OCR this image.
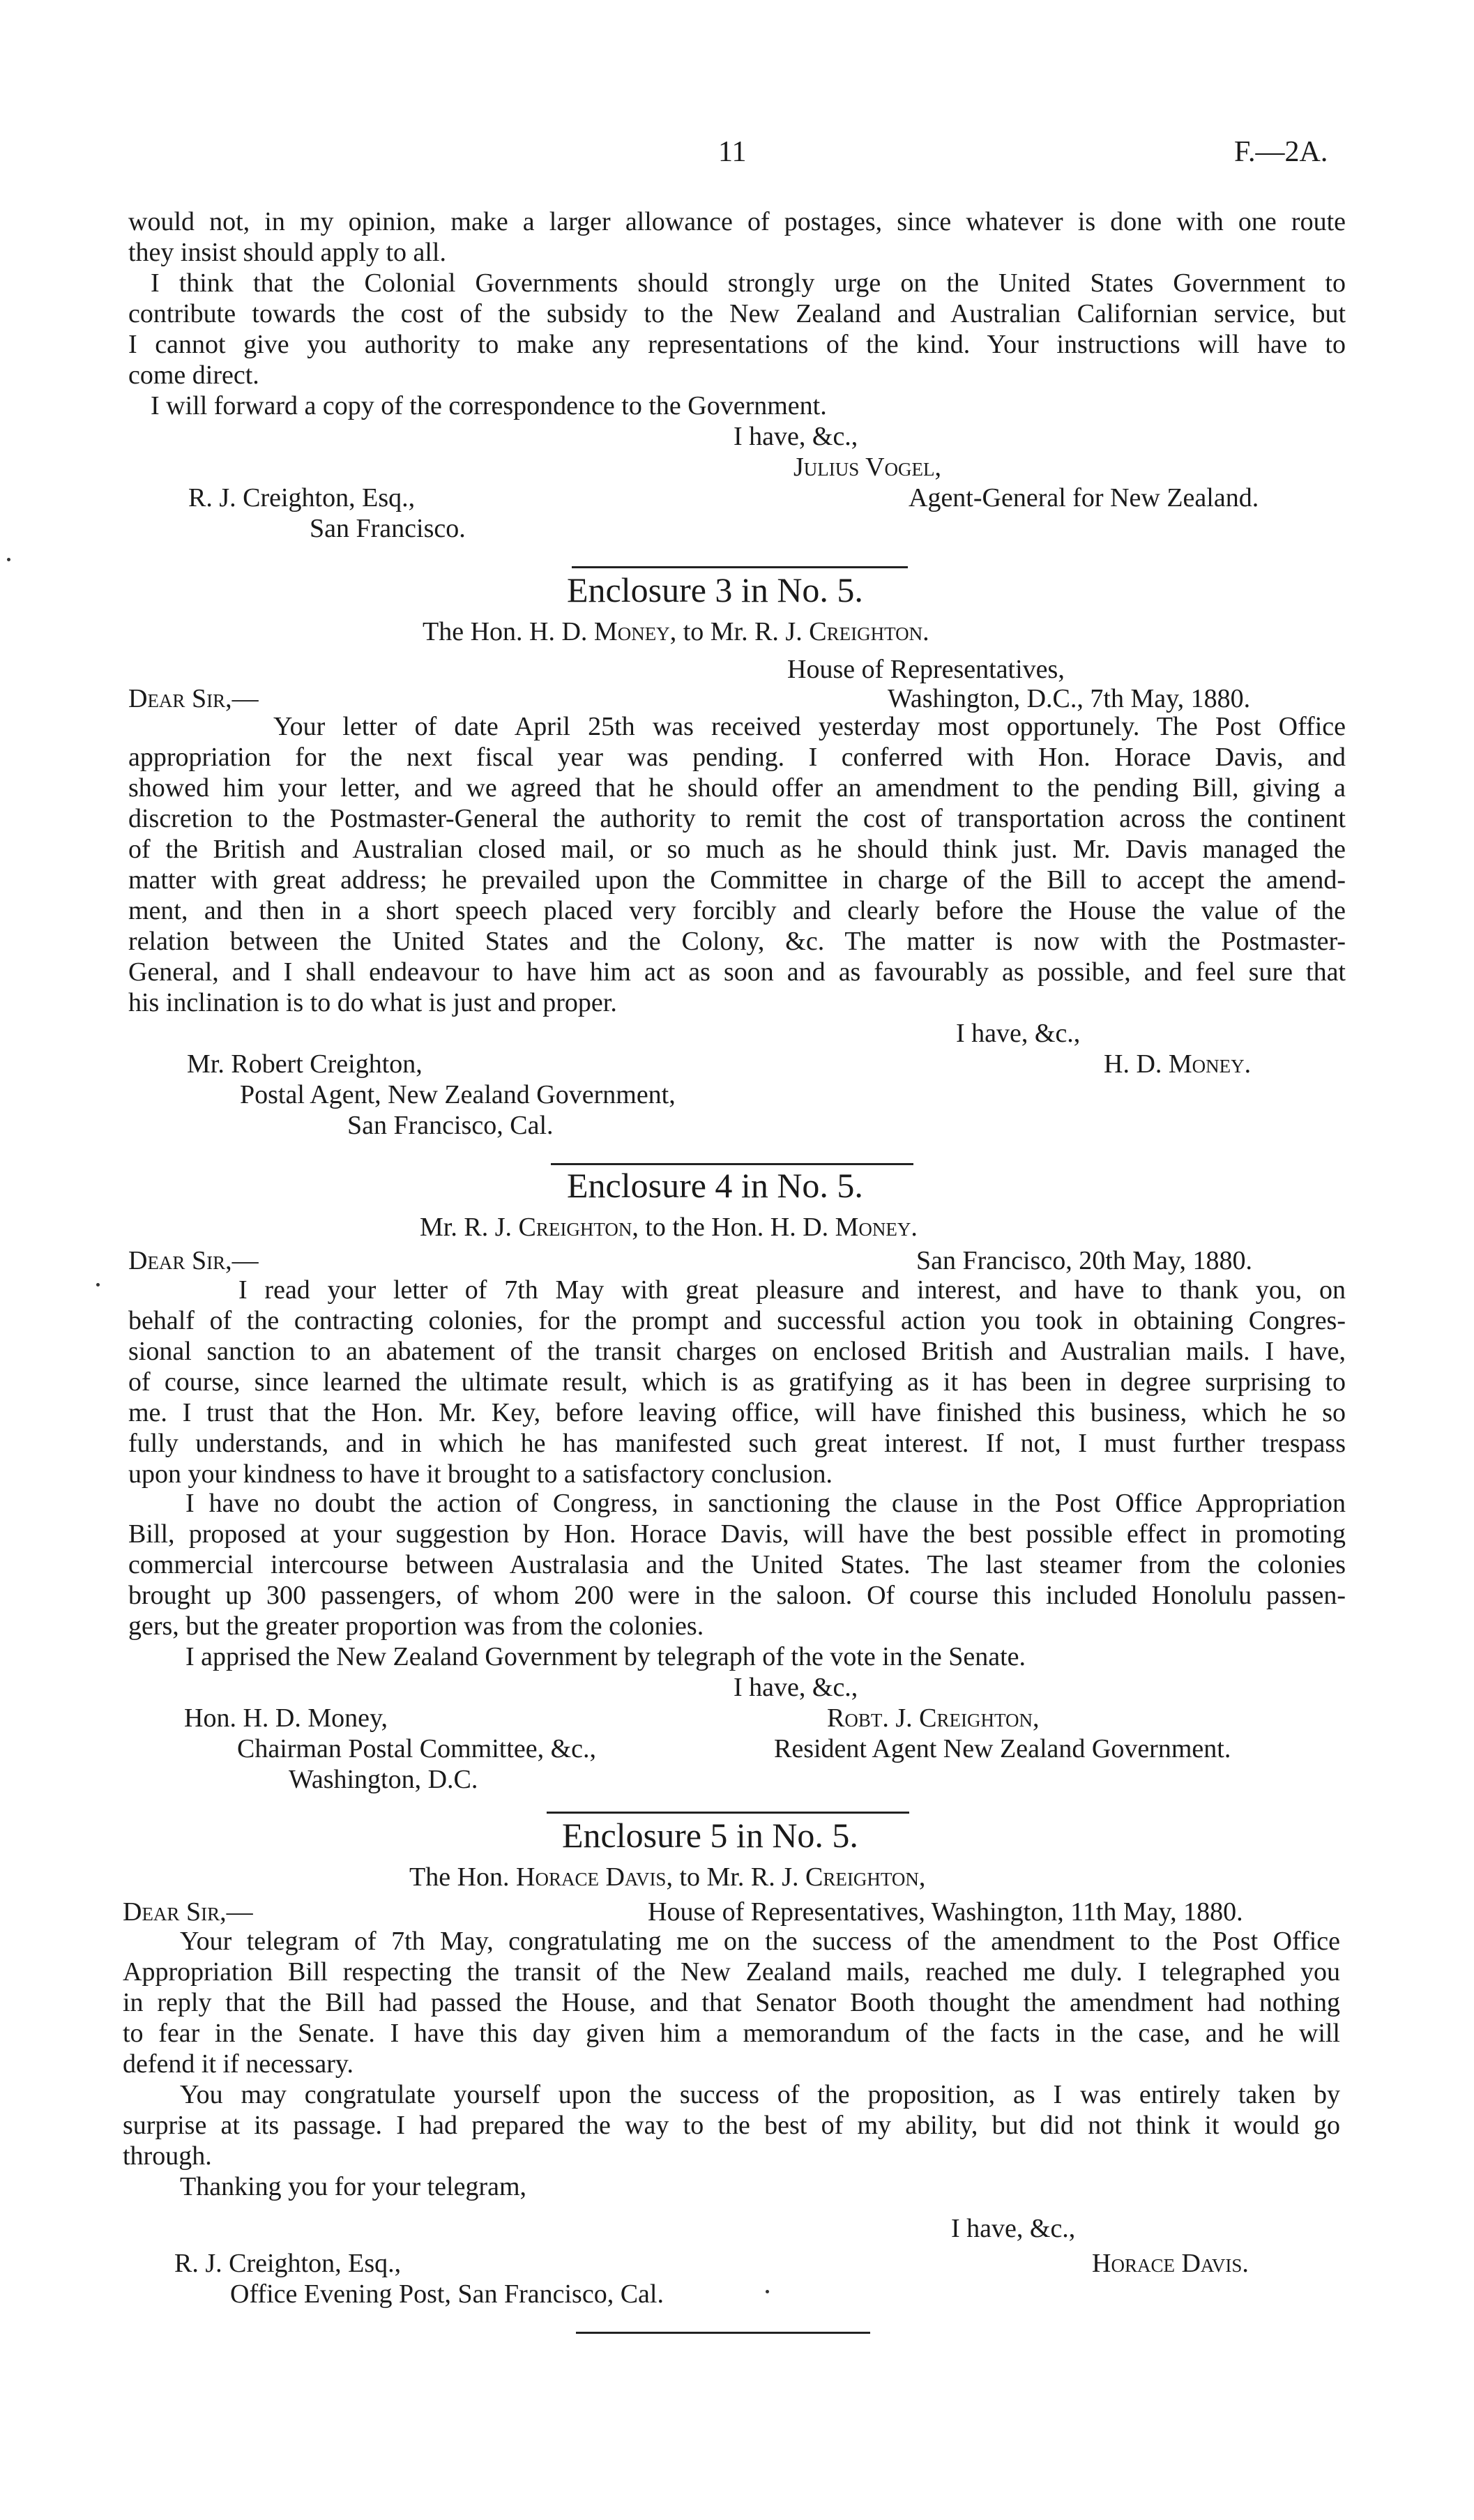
11	F.—2A.
would not, in my opinion, make a larger allowance of postages, since whatever is done with one route
they insist should apply to all.
I think that the Colonial Governments should strongly urge on the United States Government to
contribute towards the cost of the subsidy to the New Zealand and Australian Californian service, but
I cannot give you authority to make any representations of the kind. Your instructions will have to
come direct.
I will forward a copy of the correspondence to the Government.
I have, &c.,
Julius Vogel,
R. J. Creighton, Esq.,	Agent-General for New Zealand.
San Francisco.
Enclosure 3 in No. 5.
The Hon. H. D. Money, to Mr. R. J. Creighton.
House of Representatives,
Dear Sir,—	Washington, D.C., 7th May, 1880.
Your letter of date April 25th was received yesterday most opportunely. The Post Office
appropriation for the next fiscal year was pending. I conferred with Hon. Horace Davis, and
showed him your letter, and we agreed that he should offer an amendment to the pending Bill, giving a
discretion to the Postmaster-General the authority to remit the cost of transportation across the continent
of the British and Australian closed mail, or so much as he should think just. Mr. Davis managed the
matter with great address; he prevailed upon the Committee in charge of the Bill to accept the amend-
ment, and then in a short speech placed very forcibly and clearly before the House the value of the
relation between the United States and the Colony, &c. The matter is now with the Postmaster-
General, and I shall endeavour to have him act as soon and as favourably as possible, and feel sure that
his inclination is to do what is just and proper.
I have, &c.,
Mr. Robert Creighton,	H. D. Money.
Postal Agent, New Zealand Government,
San Francisco, Cal.
Enclosure 4 in No. 5.
Mr. R. J. Creighton, to the Hon. H. D. Money.
Dear Sir,—	San Francisco, 20th May, 1880.
I read your letter of 7th May with great pleasure and interest, and have to thank you, on
behalf of the contracting colonies, for the prompt and successful action you took in obtaining Congres-
sional sanction to an abatement of the transit charges on enclosed British and Australian mails. I have,
of course, since learned the ultimate result, which is as gratifying as it has been in degree surprising to
me. I trust that the Hon. Mr. Key, before leaving office, will have finished this business, which he so
fully understands, and in which he has manifested such great interest. If not, I must further trespass
upon your kindness to have it brought to a satisfactory conclusion.
I have no doubt the action of Congress, in sanctioning the clause in the Post Office Appropriation
Bill, proposed at your suggestion by Hon. Horace Davis, will have the best possible effect in promoting
commercial intercourse between Australasia and the United States. The last steamer from the colonies
brought up 300 passengers, of whom 200 were in the saloon. Of course this included Honolulu passen-
gers, but the greater proportion was from the colonies.
I apprised the New Zealand Government by telegraph of the vote in the Senate.
I have, &c.,
Hon. H. D. Money,	Robt. J. Creighton,
Chairman Postal Committee, &c.,	Resident Agent New Zealand Government.
Washington, D.C.
Enclosure 5 in No. 5.
The Hon. Horace Davis, to Mr. R. J. Creighton,
Dear Sir,—	House of Representatives, Washington, 11th May, 1880.
Your telegram of 7th May, congratulating me on the success of the amendment to the Post Office
Appropriation Bill respecting the transit of the New Zealand mails, reached me duly. I telegraphed you
in reply that the Bill had passed the House, and that Senator Booth thought the amendment had nothing
to fear in the Senate. I have this day given him a memorandum of the facts in the case, and he will
defend it if necessary.
You may congratulate yourself upon the success of the proposition, as I was entirely taken by
surprise at its passage. I had prepared the way to the best of my ability, but did not think it would go
through.
Thanking you for your telegram,
I have, &c.,
R. J. Creighton, Esq.,	Horace Davis.
Office Evening Post, San Francisco, Cal.
